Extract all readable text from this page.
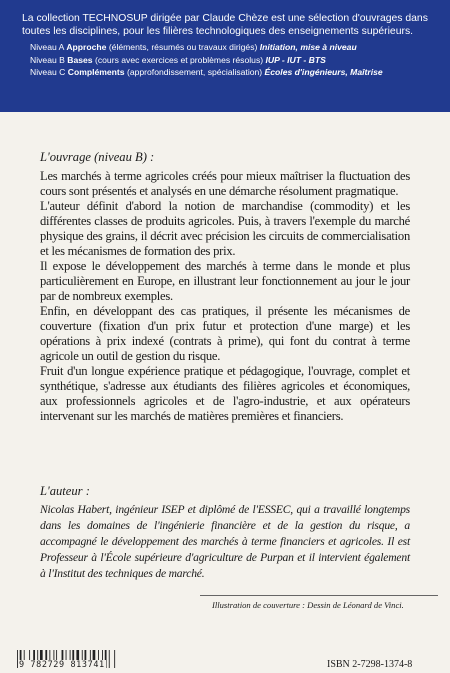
La collection TECHNOSUP dirigée par Claude Chèze est une sélection d'ouvrages dans toutes les disciplines, pour les filières technologiques des enseignements supérieurs.
Niveau A Approche (éléments, résumés ou travaux dirigés) Initiation, mise à niveau
Niveau B Bases (cours avec exercices et problèmes résolus) IUP - IUT - BTS
Niveau C Compléments (approfondissement, spécialisation) Écoles d'ingénieurs, Maîtrise
L'ouvrage (niveau B) :

Les marchés à terme agricoles créés pour mieux maîtriser la fluctuation des cours sont présentés et analysés en une démarche résolument pragmatique.

L'auteur définit d'abord la notion de marchandise (commodity) et les différentes classes de produits agricoles. Puis, à travers l'exemple du marché physique des grains, il décrit avec précision les circuits de commercialisation et les mécanismes de formation des prix.

Il expose le développement des marchés à terme dans le monde et plus particulièrement en Europe, en illustrant leur fonctionnement au jour le jour par de nombreux exemples.

Enfin, en développant des cas pratiques, il présente les mécanismes de couverture (fixation d'un prix futur et protection d'une marge) et les opérations à prix indexé (contrats à prime), qui font du contrat à terme agricole un outil de gestion du risque.

Fruit d'un longue expérience pratique et pédagogique, l'ouvrage, complet et synthétique, s'adresse aux étudiants des filières agricoles et économiques, aux professionnels agricoles et de l'agro-industrie, et aux opérateurs intervenant sur les marchés de matières premières et financiers.

L'auteur :
Nicolas Habert, ingénieur ISEP et diplômé de l'ESSEC, qui a travaillé longtemps dans les domaines de l'ingénierie financière et de la gestion du risque, a accompagné le développement des marchés à terme financiers et agricoles. Il est Professeur à l'École supérieure d'agriculture de Purpan et il intervient également à l'Institut des techniques de marché.
Illustration de couverture : Dessin de Léonard de Vinci.
9 782729 813741	ISBN 2-7298-1374-8
